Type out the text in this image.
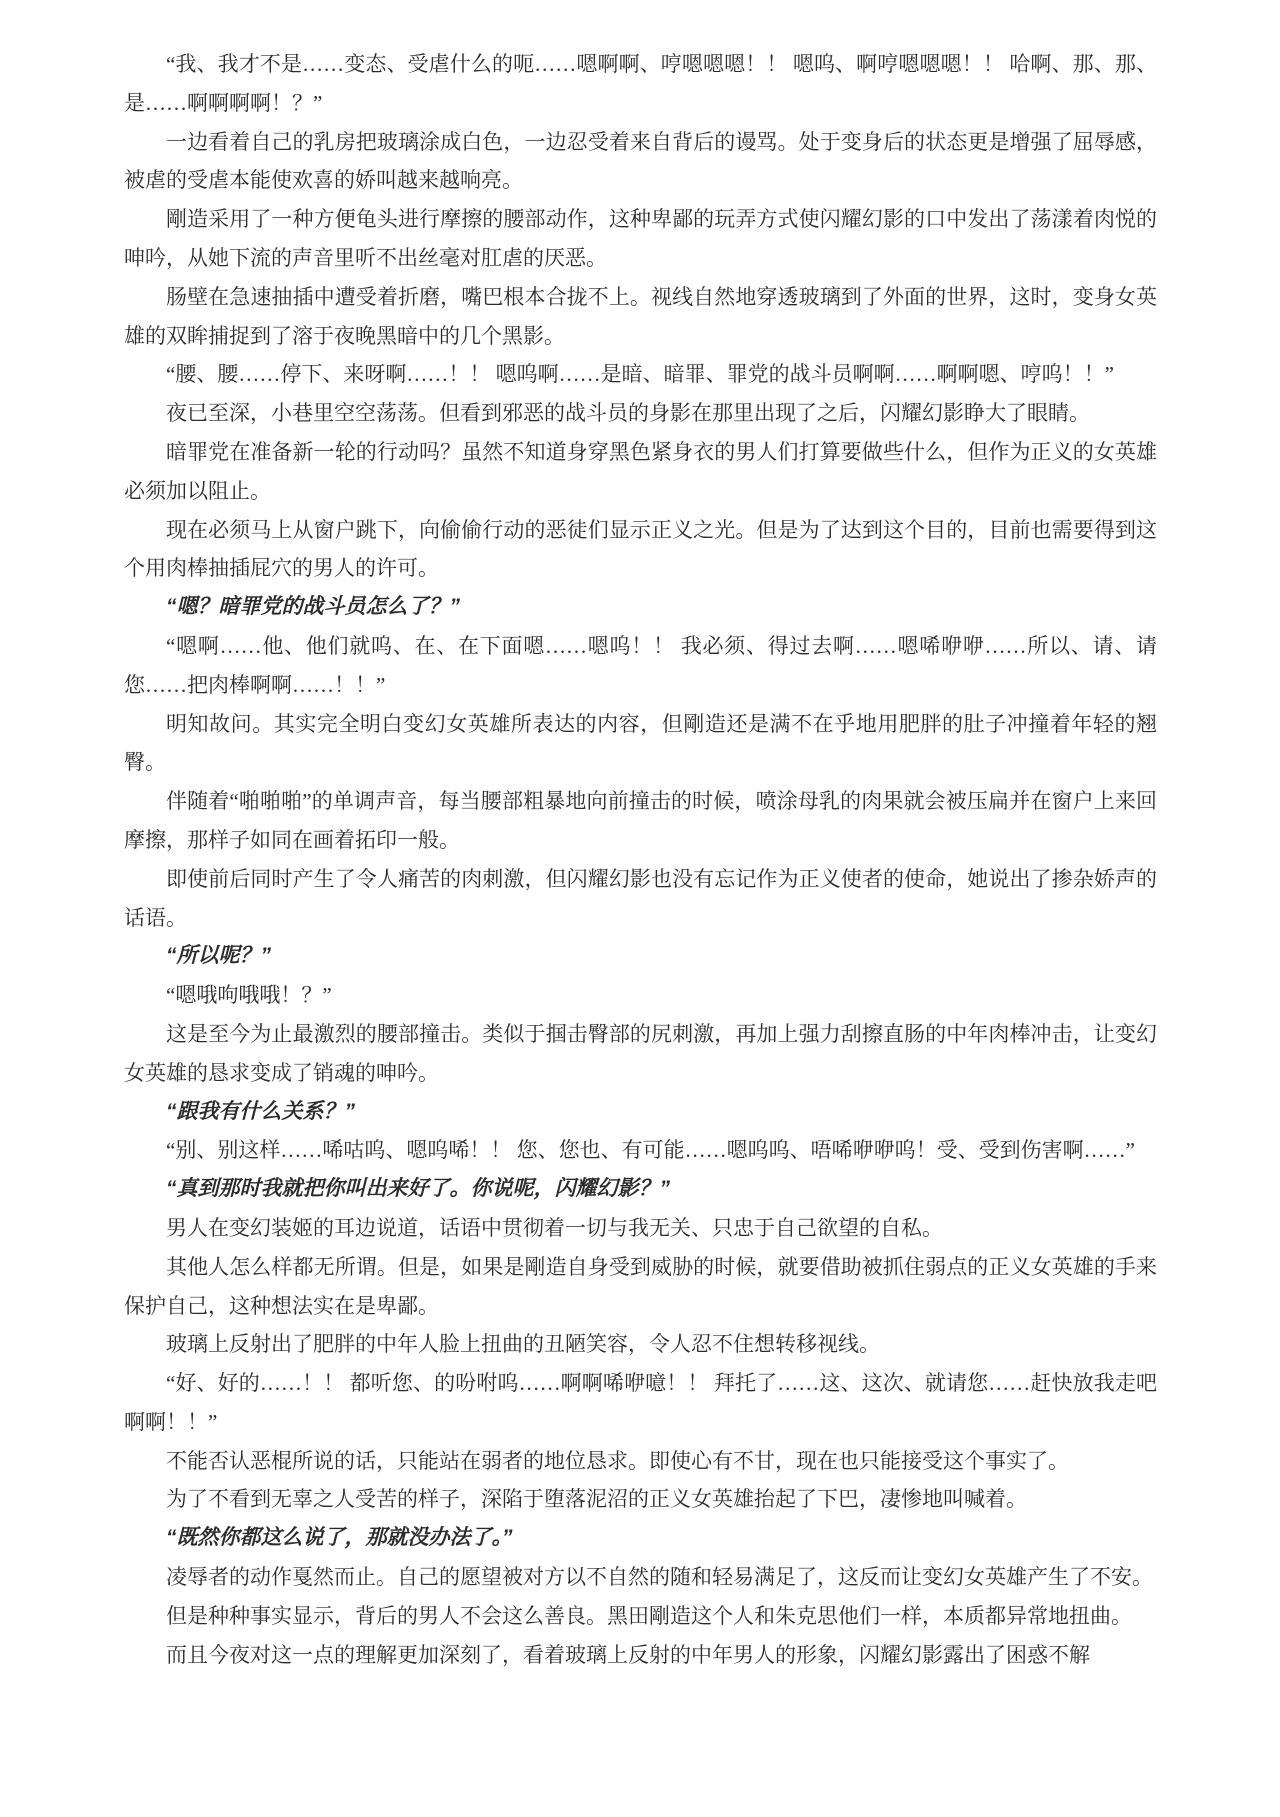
“我、我才不是……变态、受虐什么的呃……嗯啊啊、哼嗯嗯嗯！！ 嗯呜、啊哼嗯嗯嗯！！ 哈啊、那、那、是……啊啊啊啊！？”

一边看着自己的乳房把玻璃涂成白色，一边忍受着来自背后的谩骂。处于变身后的状态更是增强了屈辱感，被虐的受虐本能使欢喜的娇叫越来越响亮。

剛造采用了一种方便龟头进行摩擦的腰部动作，这种卑鄙的玩弄方式使闪耀幻影的口中发出了荡漾着肉悦的呻吟，从她下流的声音里听不出丝毫对肛虐的厌恶。

肠壁在急速抽插中遭受着折磨，嘴巴根本合拢不上。视线自然地穿透玻璃到了外面的世界，这时，变身女英雄的双眸捕捉到了溶于夜晚黑暗中的几个黑影。

“腰、腰……停下、来呀啊……！！ 嗯呜啊……是暗、暗罪、罪党的战斗员啊啊……啊啊嗯、哼呜！！”

夜已至深，小巷里空空荡荡。但看到邪恶的战斗员的身影在那里出现了之后，闪耀幻影睁大了眼睛。

暗罪党在准备新一轮的行动吗？虽然不知道身穿黑色紧身衣的男人们打算要做些什么，但作为正义的女英雄必须加以阻止。

现在必须马上从窗户跳下，向偷偷行动的恶徒们显示正义之光。但是为了达到这个目的，目前也需要得到这个用肉棒抽插屁穴的男人的许可。

“嗯？暗罪党的战斗员怎么了？”

“嗯啊……他、他们就呜、在、在下面嗯……嗯呜！！ 我必须、得过去啊……嗯唏咿咿……所以、请、请您……把肉棒啊啊……！！”

明知故问。其实完全明白变幻女英雄所表达的内容，但剛造还是满不在乎地用肥胖的肚子冲撞着年轻的翘臀。

伴随着“啪啪啪”的单调声音，每当腰部粗暴地向前撞击的时候，喷涂母乳的肉果就会被压扁并在窗户上来回摩擦，那样子如同在画着拓印一般。

即使前后同时产生了令人痛苦的肉刺激，但闪耀幻影也没有忘记作为正义使者的使命，她说出了掺杂娇声的话语。

“所以呢？”

“嗯哦呴哦哦！？”

这是至今为止最激烈的腰部撞击。类似于掴击臀部的尻刺激，再加上强力刮擦直肠的中年肉棒冲击，让变幻女英雄的恳求变成了销魂的呻吟。

“跟我有什么关系？”

“别、别这样……唏咕呜、嗯呜唏！！ 您、您也、有可能……嗯呜呜、唔唏咿咿呜！受、受到伤害啊……”

“真到那时我就把你叫出来好了。你说呢，闪耀幻影？”

男人在变幻装姬的耳边说道，话语中贯彻着一切与我无关、只忠于自己欲望的自私。

其他人怎么样都无所谓。但是，如果是剛造自身受到威胁的时候，就要借助被抓住弱点的正义女英雄的手来保护自己，这种想法实在是卑鄙。

玻璃上反射出了肥胖的中年人脸上扭曲的丑陋笑容，令人忍不住想转移视线。

“好、好的……！！ 都听您、的吩咐呜……啊啊唏咿噫！！ 拜托了……这、这次、就请您……赶快放我走吧啊啊！！”

不能否认恶棍所说的话，只能站在弱者的地位恳求。即使心有不甘，现在也只能接受这个事实了。

为了不看到无辜之人受苦的样子，深陷于堕落泥沼的正义女英雄抬起了下巴，凄惨地叫喊着。

“既然你都这么说了，那就没办法了。”

凌辱者的动作戛然而止。自己的愿望被对方以不自然的随和轻易满足了，这反而让变幻女英雄产生了不安。

但是种种事实显示，背后的男人不会这么善良。黑田剛造这个人和朱克思他们一样，本质都异常地扭曲。

而且今夜对这一点的理解更加深刻了，看着玻璃上反射的中年男人的形象，闪耀幻影露出了困惑不解
